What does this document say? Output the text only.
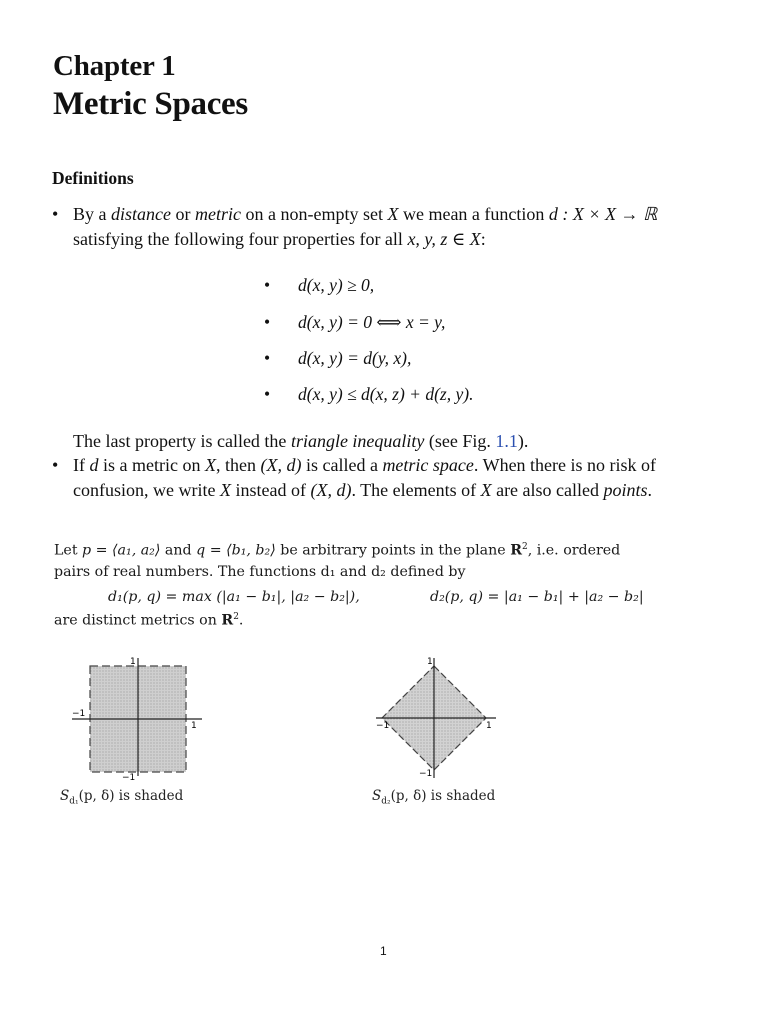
Chapter 1
Metric Spaces
Definitions
• By a distance or metric on a non-empty set X we mean a function d : X × X → ℝ
satisfying the following four properties for all x, y, z ∈ X:
• d(x, y) ≥ 0,
• d(x, y) = 0 ⟺ x = y,
• d(x, y) = d(y, x),
• d(x, y) ≤ d(x, z) + d(z, y).
The last property is called the triangle inequality (see Fig. 1.1).
• If d is a metric on X, then (X, d) is called a metric space. When there is no risk of
confusion, we write X instead of (X, d). The elements of X are also called points.
Let p = ⟨a₁, a₂⟩ and q = ⟨b₁, b₂⟩ be arbitrary points in the plane $R^2$, i.e. ordered
pairs of real numbers. The functions d₁ and d₂ defined by
d₁(p, q) = max (|a₁ − b₁|, |a₂ − b₂|),	d₂(p, q) = |a₁ − b₁| + |a₂ − b₂|
are distinct metrics on $R^2$.
1
−1
−1
1
$S_{d_1}(p$, δ) is shaded
1
−1
−1	1
$S_{d_2}(p$, δ) is shaded
1
